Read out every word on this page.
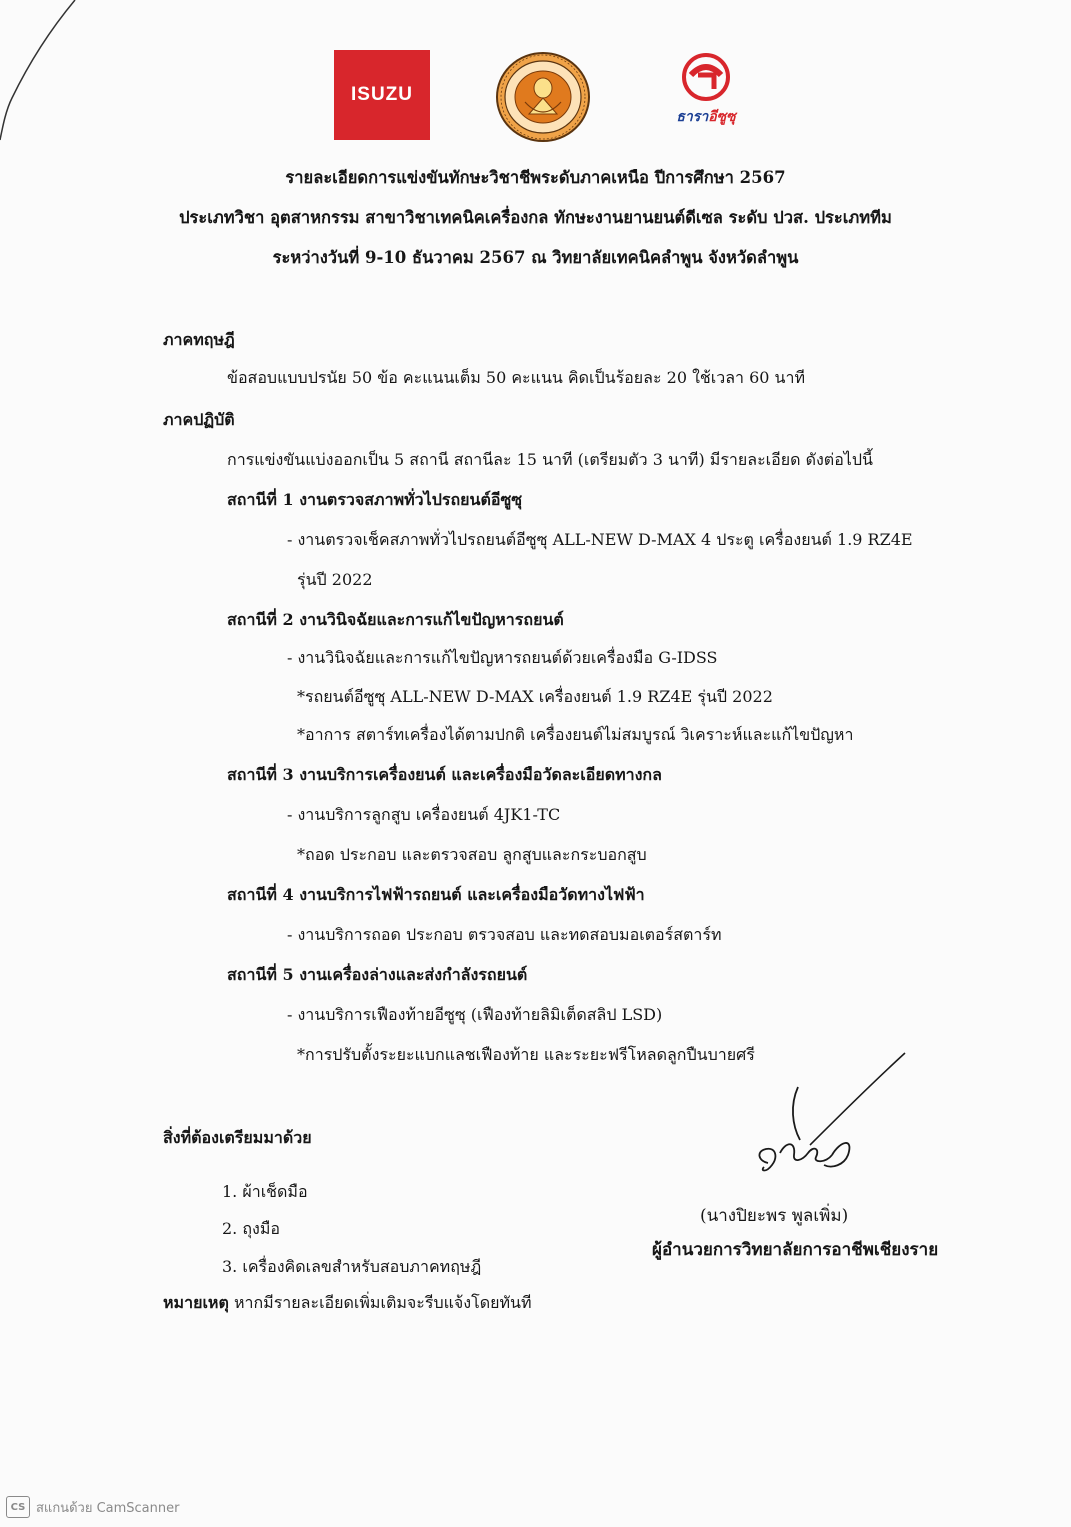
ISUZU
ธาราอีซูซุ
รายละเอียดการแข่งขันทักษะวิชาชีพระดับภาคเหนือ ปีการศึกษา 2567
ประเภทวิชา อุตสาหกรรม สาขาวิชาเทคนิคเครื่องกล ทักษะงานยานยนต์ดีเซล ระดับ ปวส. ประเภททีม
ระหว่างวันที่ 9-10 ธันวาคม 2567 ณ วิทยาลัยเทคนิคลำพูน จังหวัดลำพูน
ภาคทฤษฎี
ข้อสอบแบบปรนัย 50 ข้อ คะแนนเต็ม 50 คะแนน คิดเป็นร้อยละ 20 ใช้เวลา 60 นาที
ภาคปฏิบัติ
การแข่งขันแบ่งออกเป็น 5 สถานี สถานีละ 15 นาที (เตรียมตัว 3 นาที) มีรายละเอียด ดังต่อไปนี้
สถานีที่ 1 งานตรวจสภาพทั่วไปรถยนต์อีซูซุ
- งานตรวจเช็คสภาพทั่วไปรถยนต์อีซูซุ ALL-NEW D-MAX 4 ประตู เครื่องยนต์ 1.9 RZ4E
รุ่นปี 2022
สถานีที่ 2 งานวินิจฉัยและการแก้ไขปัญหารถยนต์
- งานวินิจฉัยและการแก้ไขปัญหารถยนต์ด้วยเครื่องมือ G-IDSS
*รถยนต์อีซูซุ ALL-NEW D-MAX เครื่องยนต์ 1.9 RZ4E รุ่นปี 2022
*อาการ สตาร์ทเครื่องได้ตามปกติ เครื่องยนต์ไม่สมบูรณ์ วิเคราะห์และแก้ไขปัญหา
สถานีที่ 3 งานบริการเครื่องยนต์ และเครื่องมือวัดละเอียดทางกล
- งานบริการลูกสูบ เครื่องยนต์ 4JK1-TC
*ถอด ประกอบ และตรวจสอบ ลูกสูบและกระบอกสูบ
สถานีที่ 4 งานบริการไฟฟ้ารถยนต์ และเครื่องมือวัดทางไฟฟ้า
- งานบริการถอด ประกอบ ตรวจสอบ และทดสอบมอเตอร์สตาร์ท
สถานีที่ 5 งานเครื่องล่างและส่งกำลังรถยนต์
- งานบริการเฟืองท้ายอีซูซุ (เฟืองท้ายลิมิเต็ดสลิป LSD)
*การปรับตั้งระยะแบกแลชเฟืองท้าย และระยะฟรีโหลดลูกปืนบายศรี
สิ่งที่ต้องเตรียมมาด้วย
1. ผ้าเช็ดมือ
2. ถุงมือ
3. เครื่องคิดเลขสำหรับสอบภาคทฤษฎี
หมายเหตุ หากมีรายละเอียดเพิ่มเติมจะรีบแจ้งโดยทันที
(นางปิยะพร พูลเพิ่ม)
ผู้อำนวยการวิทยาลัยการอาชีพเชียงราย
CS สแกนด้วย CamScanner
